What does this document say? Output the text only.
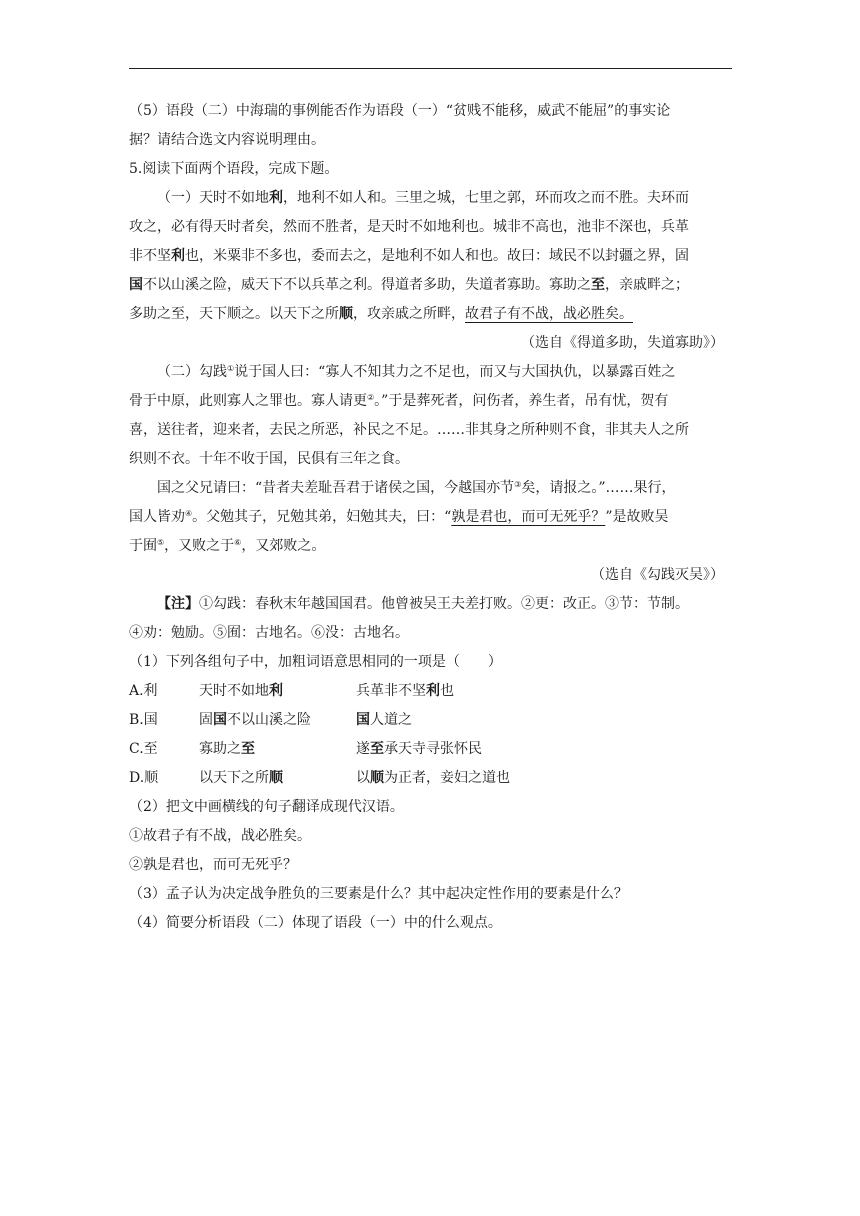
（5）语段（二）中海瑞的事例能否作为语段（一）“贫贱不能移，威武不能屈”的事实论

据？请结合选文内容说明理由。

5.阅读下面两个语段，完成下题。

（一）天时不如地利，地利不如人和。三里之城，七里之郭，环而攻之而不胜。夫环而

攻之，必有得天时者矣，然而不胜者，是天时不如地利也。城非不高也，池非不深也，兵革

非不坚利也，米粟非不多也，委而去之，是地利不如人和也。故曰：域民不以封疆之界，固

国不以山溪之险，威天下不以兵革之利。得道者多助，失道者寡助。寡助之至，亲戚畔之；

多助之至，天下顺之。以天下之所顺，攻亲戚之所畔，故君子有不战，战必胜矣。

（选自《得道多助，失道寡助》）

（二）勾践①说于国人曰：“寡人不知其力之不足也，而又与大国执仇，以暴露百姓之

骨于中原，此则寡人之罪也。寡人请更②。”于是葬死者，问伤者，养生者，吊有忧，贺有

喜，送往者，迎来者，去民之所恶，补民之不足。……非其身之所种则不食，非其夫人之所

织则不衣。十年不收于国，民俱有三年之食。

国之父兄请曰：“昔者夫差耻吾君于诸侯之国，今越国亦节③矣，请报之。”……果行，

国人皆劝④。父勉其子，兄勉其弟，妇勉其夫，曰：“孰是君也，而可无死乎？”是故败吴

于囿⑤，又败之于⑥，又郊败之。

（选自《勾践灭吴》）

【注】①勾践：春秋末年越国国君。他曾被吴王夫差打败。②更：改正。③节：节制。

④劝：勉励。⑤囿：古地名。⑥没：古地名。

（1）下列各组句子中，加粗词语意思相同的一项是（　　）

A.利	天时不如地利	兵革非不坚利也
B.国	固国不以山溪之险	国人道之
C.至	寡助之至	遂至承天寺寻张怀民
D.顺	以天下之所顺	以顺为正者，妾妇之道也

（2）把文中画横线的句子翻译成现代汉语。

①故君子有不战，战必胜矣。

②孰是君也，而可无死乎？

（3）孟子认为决定战争胜负的三要素是什么？其中起决定性作用的要素是什么？

（4）简要分析语段（二）体现了语段（一）中的什么观点。
